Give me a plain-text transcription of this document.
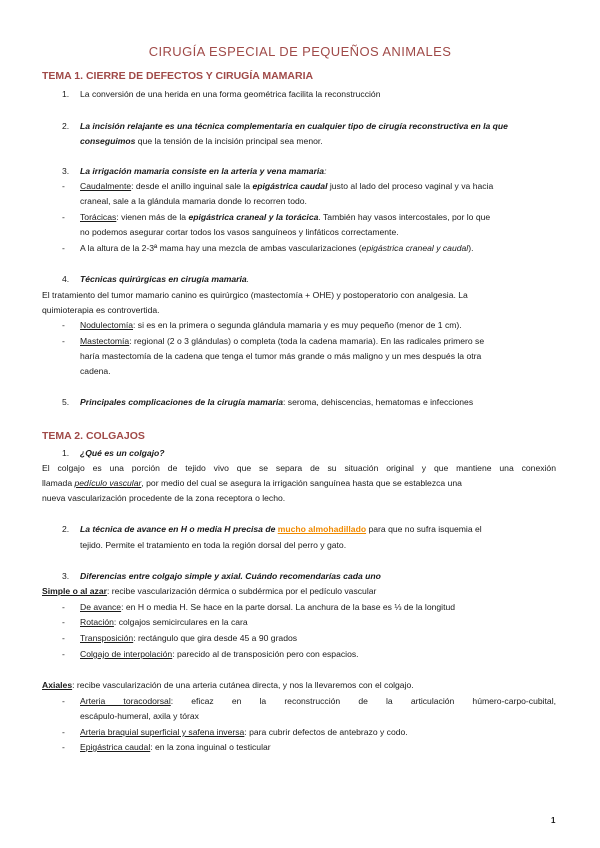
CIRUGÍA ESPECIAL DE PEQUEÑOS ANIMALES
TEMA 1. CIERRE DE DEFECTOS Y CIRUGÍA MAMARIA
1. La conversión de una herida en una forma geométrica facilita la reconstrucción
2. La incisión relajante es una técnica complementaria en cualquier tipo de cirugía reconstructiva en la que
conseguimos que la tensión de la incisión principal sea menor.
3. La irrigación mamaria consiste en la arteria y vena mamaria:
- Caudalmente: desde el anillo inguinal sale la epigástrica caudal justo al lado del proceso vaginal y va hacia
craneal, sale a la glándula mamaria donde lo recorren todo.
- Torácicas: vienen más de la epigástrica craneal y la torácica. También hay vasos intercostales, por lo que
no podemos asegurar cortar todos los vasos sanguíneos y linfáticos correctamente.
- A la altura de la 2-3ª mama hay una mezcla de ambas vascularizaciones (epigástrica craneal y caudal).
4. Técnicas quirúrgicas en cirugía mamaria.
El tratamiento del tumor mamario canino es quirúrgico (mastectomía + OHE) y postoperatorio con analgesia. La
quimioterapia es controvertida.
- Nodulectomía: si es en la primera o segunda glándula mamaria y es muy pequeño (menor de 1 cm).
- Mastectomía: regional (2 o 3 glándulas) o completa (toda la cadena mamaria). En las radicales primero se
haría mastectomía de la cadena que tenga el tumor más grande o más maligno y un mes después la otra
cadena.
5. Principales complicaciones de la cirugía mamaria: seroma, dehiscencias, hematomas e infecciones
TEMA 2. COLGAJOS
1. ¿Qué es un colgajo?
El colgajo es una porción de tejido vivo que se separa de su situación original y que mantiene una conexión
llamada pedículo vascular, por medio del cual se asegura la irrigación sanguínea hasta que se establezca una
nueva vascularización procedente de la zona receptora o lecho.
2. La técnica de avance en H o media H precisa de mucho almohadillado para que no sufra isquemia el
tejido. Permite el tratamiento en toda la región dorsal del perro y gato.
3. Diferencias entre colgajo simple y axial. Cuándo recomendarías cada uno
Simple o al azar: recibe vascularización dérmica o subdérmica por el pedículo vascular
- De avance: en H o media H. Se hace en la parte dorsal. La anchura de la base es ⅓ de la longitud
- Rotación: colgajos semicirculares en la cara
- Transposición: rectángulo que gira desde 45 a 90 grados
- Colgajo de interpolación: parecido al de transposición pero con espacios.
Axiales: recibe vascularización de una arteria cutánea directa, y nos la llevaremos con el colgajo.
- Arteria toracodorsal: eficaz en la reconstrucción de la articulación húmero-carpo-cubital,
escápulo-humeral, axila y tórax
- Arteria braquial superficial y safena inversa: para cubrir defectos de antebrazo y codo.
- Epigástrica caudal: en la zona inguinal o testicular
1
